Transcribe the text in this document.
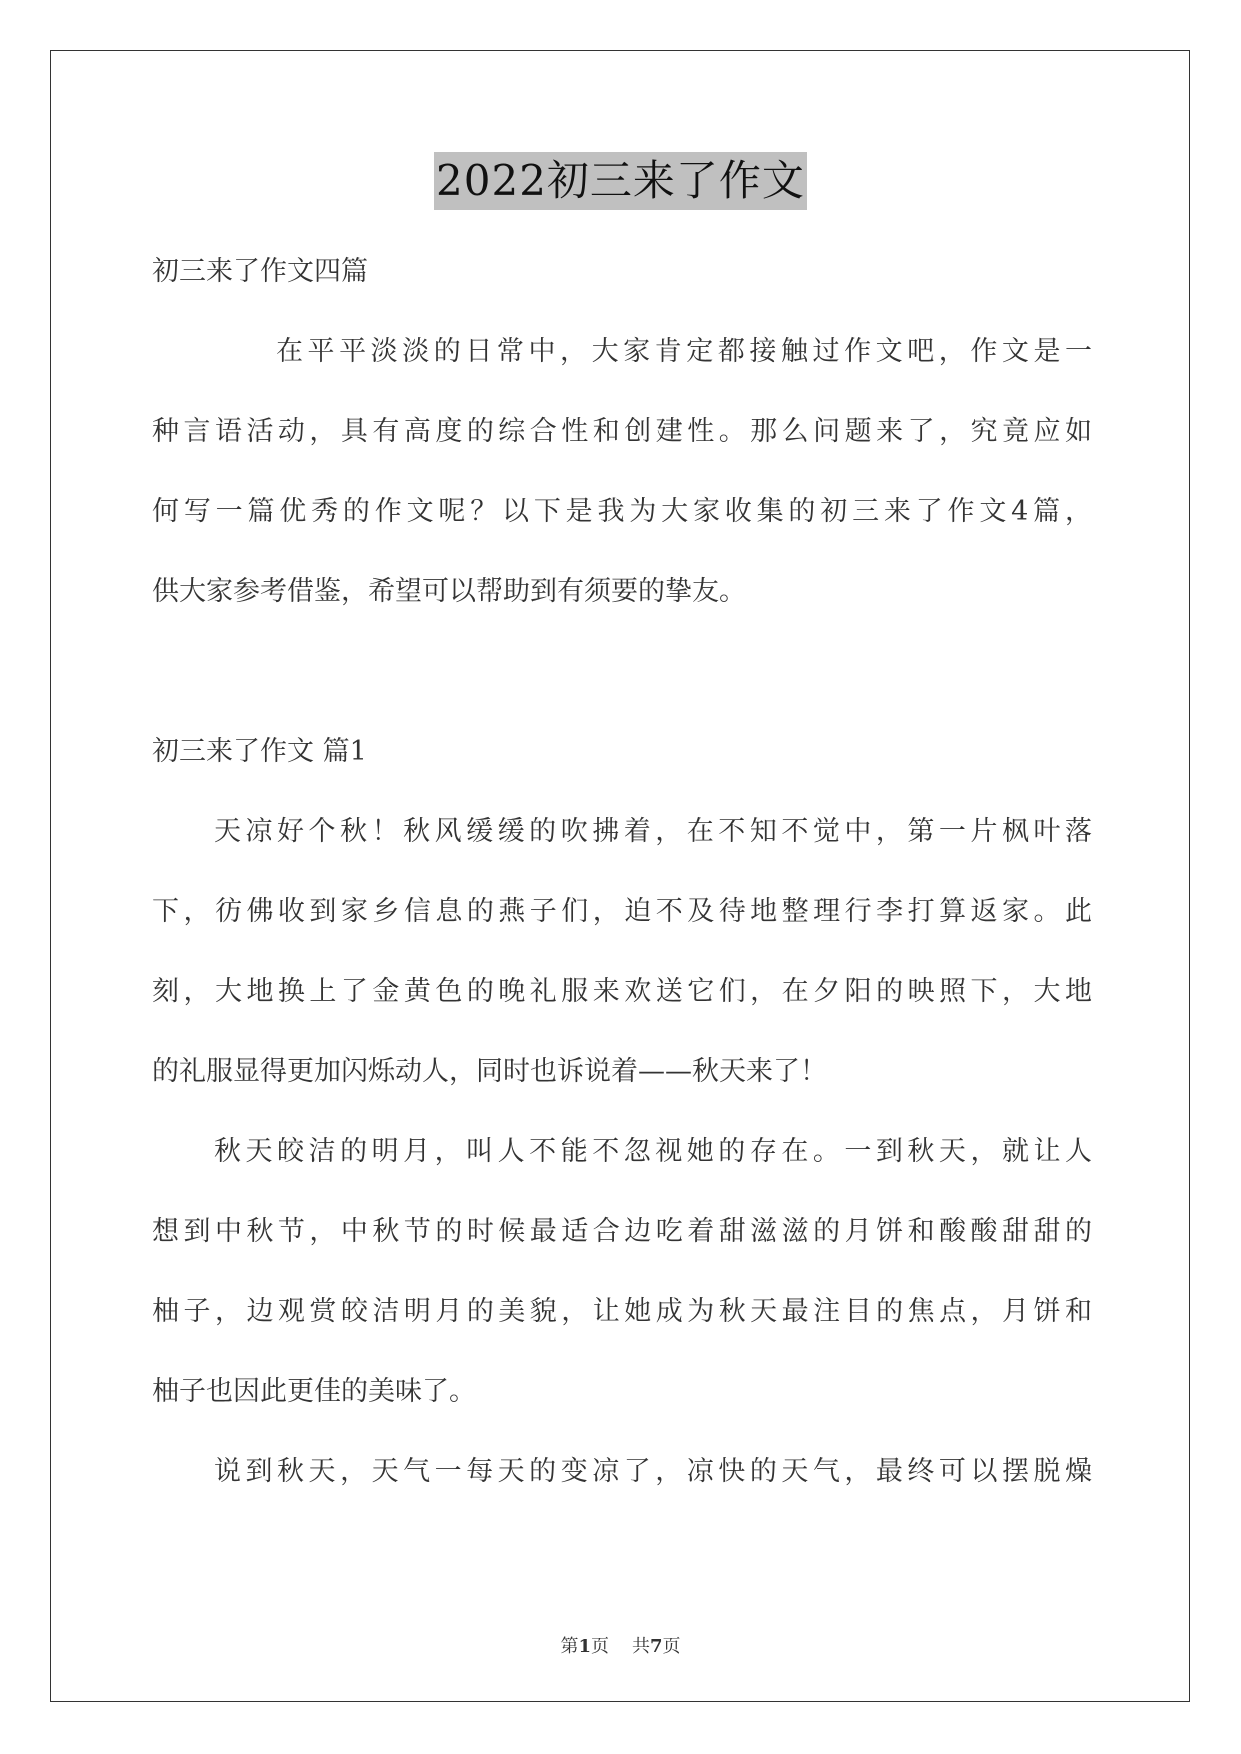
2022初三来了作文
初三来了作文四篇
在平平淡淡的日常中，大家肯定都接触过作文吧，作文是一
种言语活动，具有高度的综合性和创建性。那么问题来了，究竟应如
何写一篇优秀的作文呢？以下是我为大家收集的初三来了作文4篇，
供大家参考借鉴，希望可以帮助到有须要的挚友。
初三来了作文 篇1
天凉好个秋！秋风缓缓的吹拂着，在不知不觉中，第一片枫叶落
下，彷佛收到家乡信息的燕子们，迫不及待地整理行李打算返家。此
刻，大地换上了金黄色的晚礼服来欢送它们，在夕阳的映照下，大地
的礼服显得更加闪烁动人，同时也诉说着——秋天来了！
秋天皎洁的明月，叫人不能不忽视她的存在。一到秋天，就让人
想到中秋节，中秋节的时候最适合边吃着甜滋滋的月饼和酸酸甜甜的
柚子，边观赏皎洁明月的美貌，让她成为秋天最注目的焦点，月饼和
柚子也因此更佳的美味了。
说到秋天，天气一每天的变凉了，凉快的天气，最终可以摆脱燥
第1页 共7页
